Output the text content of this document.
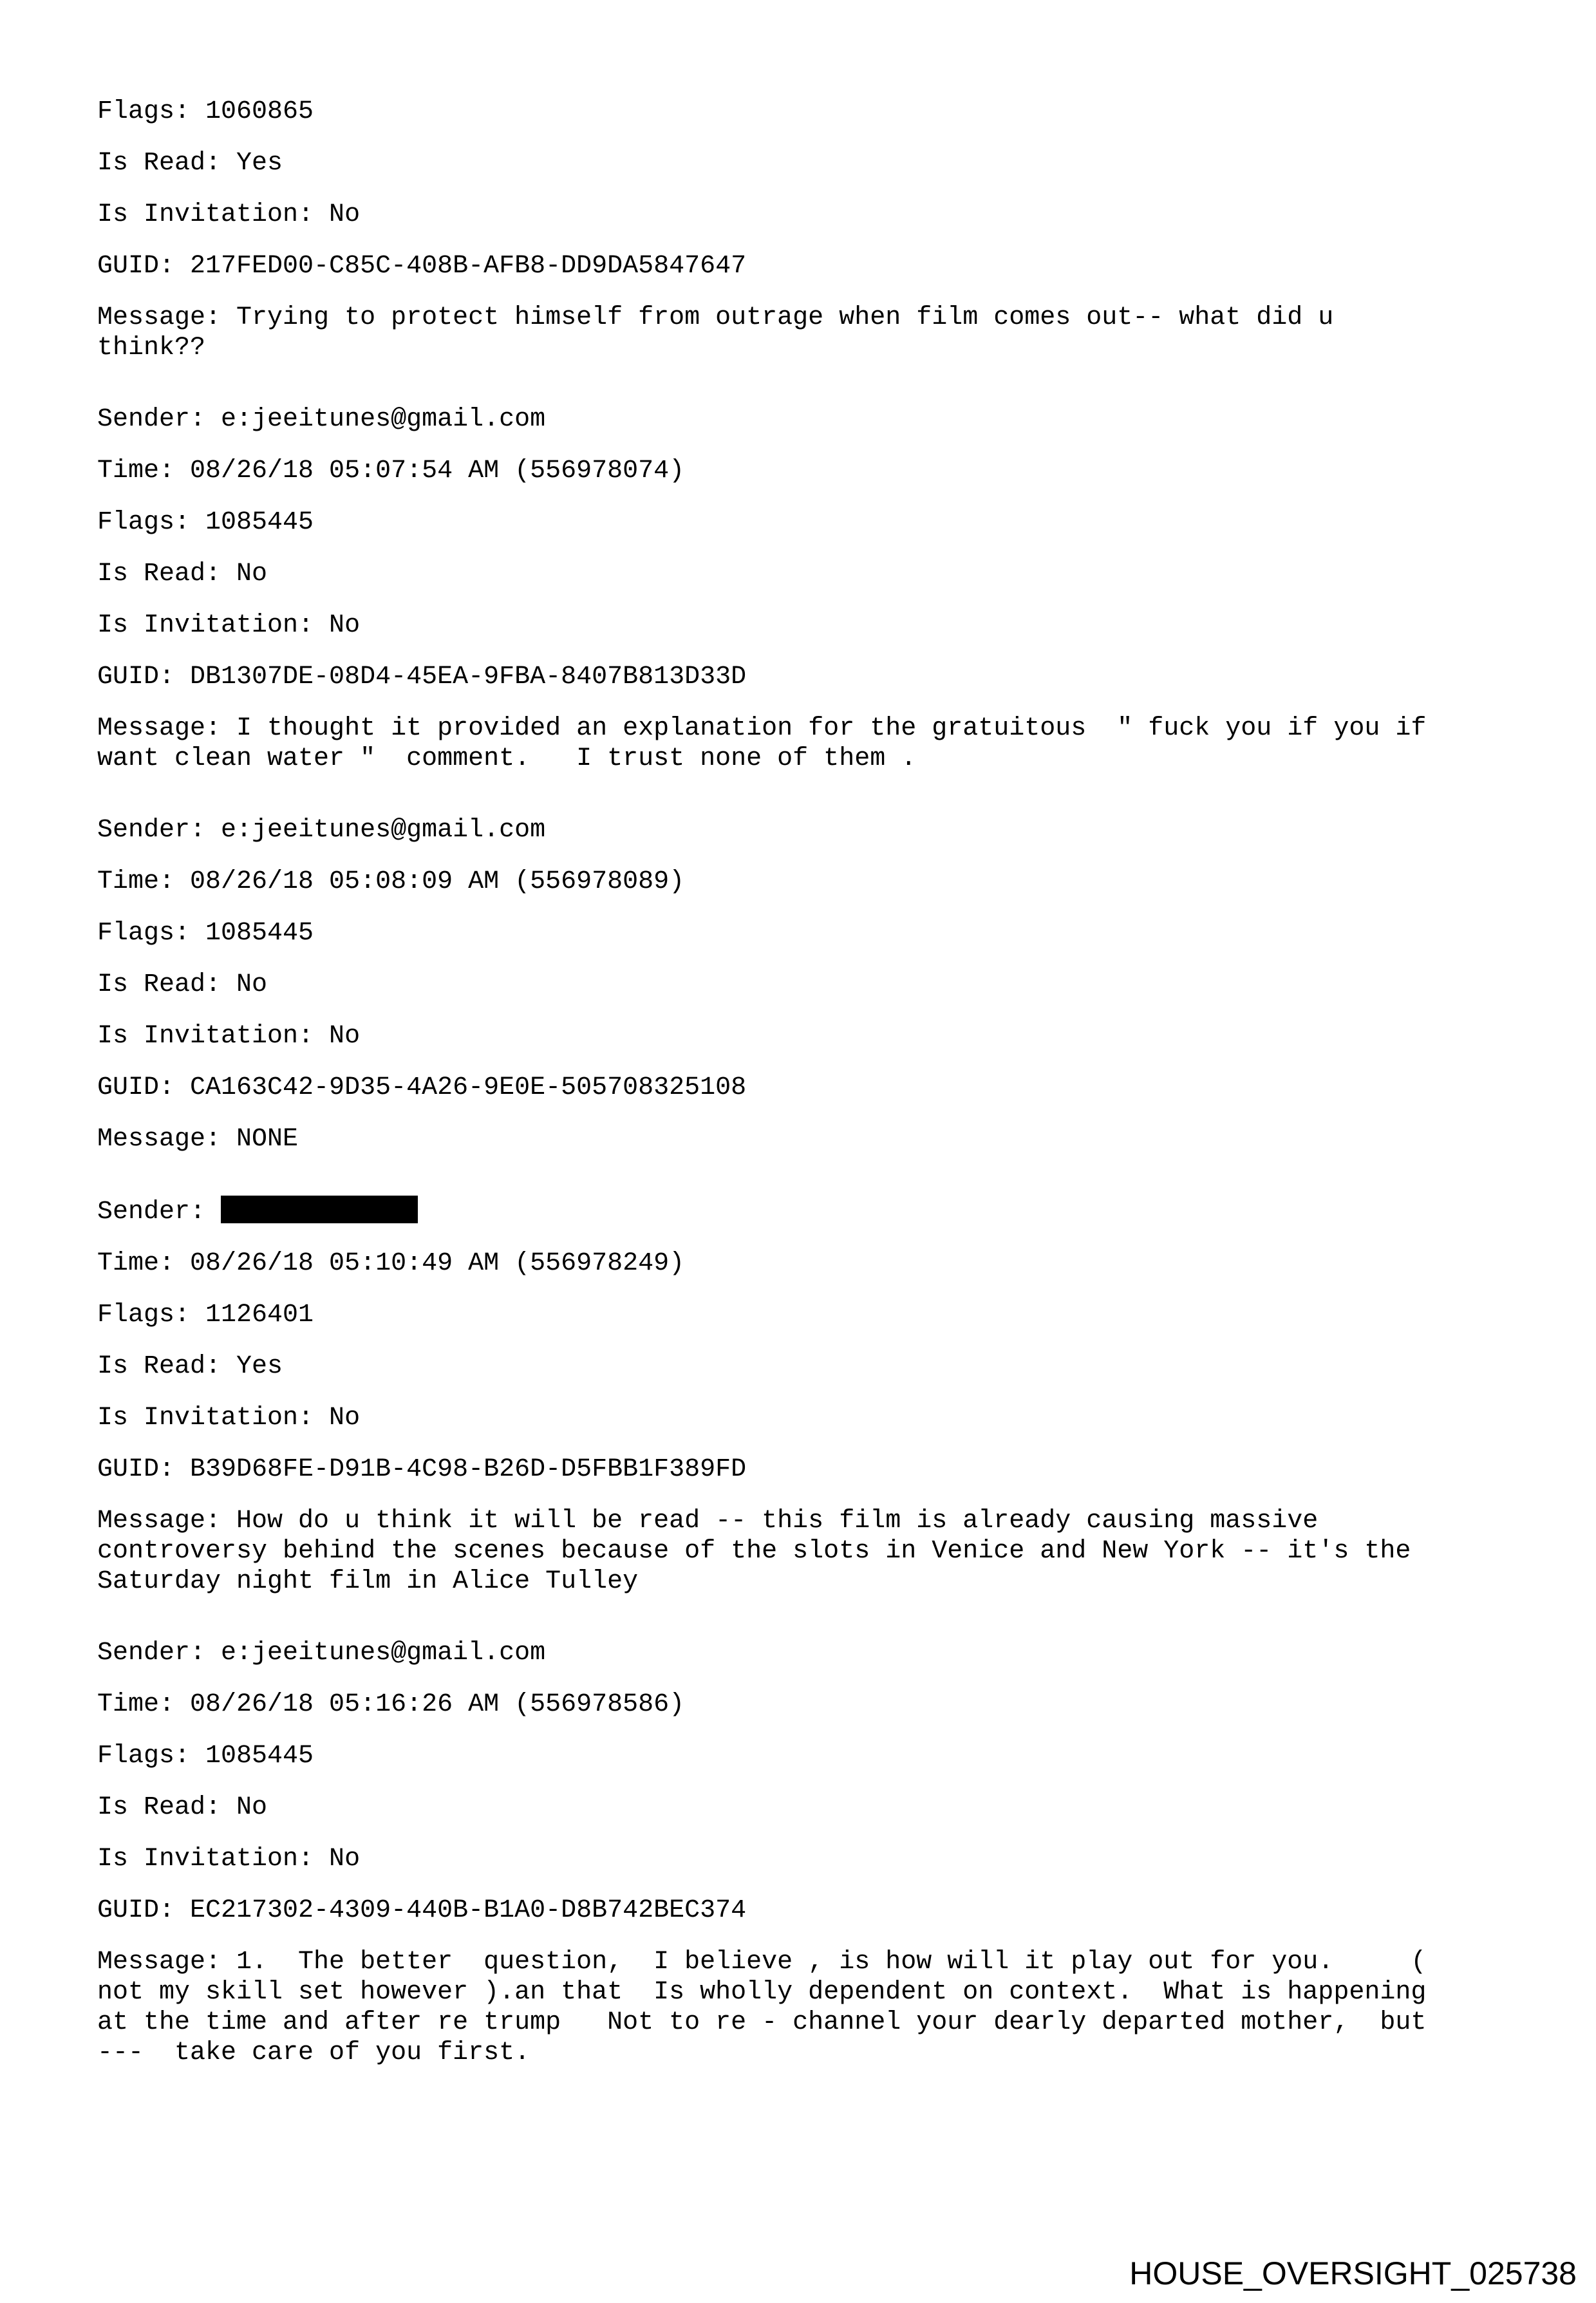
Flags: 1060865
Is Read: Yes
Is Invitation: No
GUID: 217FED00-C85C-408B-AFB8-DD9DA5847647
Message: Trying to protect himself from outrage when film comes out-- what did u
think??
Sender: e:jeeitunes@gmail.com
Time: 08/26/18 05:07:54 AM (556978074)
Flags: 1085445
Is Read: No
Is Invitation: No
GUID: DB1307DE-08D4-45EA-9FBA-8407B813D33D
Message: I thought it provided an explanation for the gratuitous  " fuck you if you if
want clean water "  comment.   I trust none of them .
Sender: e:jeeitunes@gmail.com
Time: 08/26/18 05:08:09 AM (556978089)
Flags: 1085445
Is Read: No
Is Invitation: No
GUID: CA163C42-9D35-4A26-9E0E-505708325108
Message: NONE
Sender:
Time: 08/26/18 05:10:49 AM (556978249)
Flags: 1126401
Is Read: Yes
Is Invitation: No
GUID: B39D68FE-D91B-4C98-B26D-D5FBB1F389FD
Message: How do u think it will be read -- this film is already causing massive
controversy behind the scenes because of the slots in Venice and New York -- it's the
Saturday night film in Alice Tulley
Sender: e:jeeitunes@gmail.com
Time: 08/26/18 05:16:26 AM (556978586)
Flags: 1085445
Is Read: No
Is Invitation: No
GUID: EC217302-4309-440B-B1A0-D8B742BEC374
Message: 1.  The better  question,  I believe , is how will it play out for you.     (
not my skill set however ).an that  Is wholly dependent on context.  What is happening
at the time and after re trump   Not to re - channel your dearly departed mother,  but
---  take care of you first.
HOUSE_OVERSIGHT_025738
